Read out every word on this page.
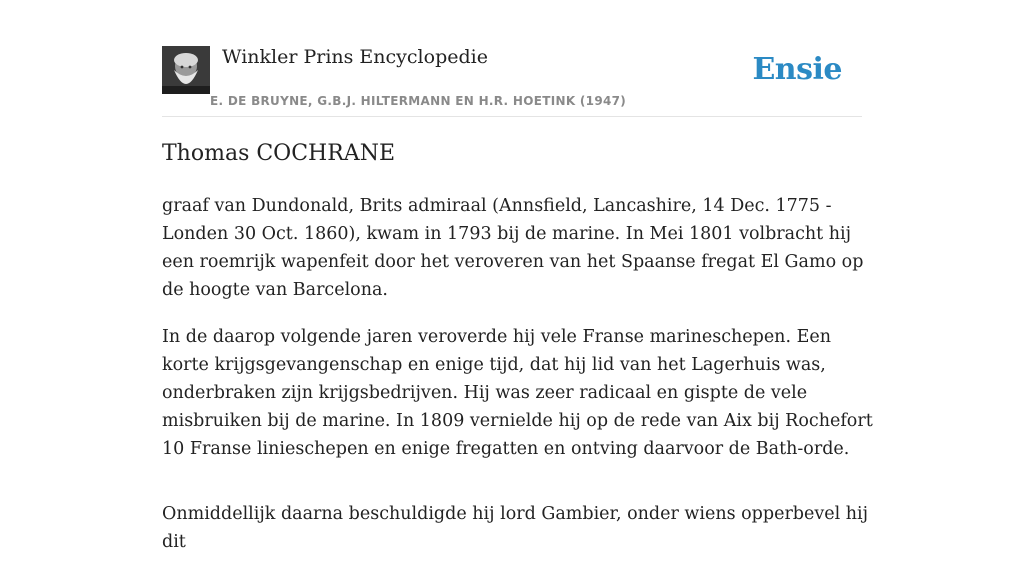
Winkler Prins Encyclopedie
E. DE BRUYNE, G.B.J. HILTERMANN EN H.R. HOETINK (1947)
Ensie
Thomas COCHRANE

graaf van Dundonald, Brits admiraal (Annsfield, Lancashire, 14 Dec. 1775 - Londen 30 Oct. 1860), kwam in 1793 bij de marine. In Mei 1801 volbracht hij een roemrijk wapenfeit door het veroveren van het Spaanse fregat El Gamo op de hoogte van Barcelona.

In de daarop volgende jaren veroverde hij vele Franse marineschepen. Een korte krijgsgevangenschap en enige tijd, dat hij lid van het Lagerhuis was, onderbraken zijn krijgsbedrijven. Hij was zeer radicaal en gispte de vele misbruiken bij de marine. In 1809 vernielde hij op de rede van Aix bij Rochefort 10 Franse linieschepen en enige fregatten en ontving daarvoor de Bath-orde.

Onmiddellijk daarna beschuldigde hij lord Gambier, onder wiens opperbevel hij dit
